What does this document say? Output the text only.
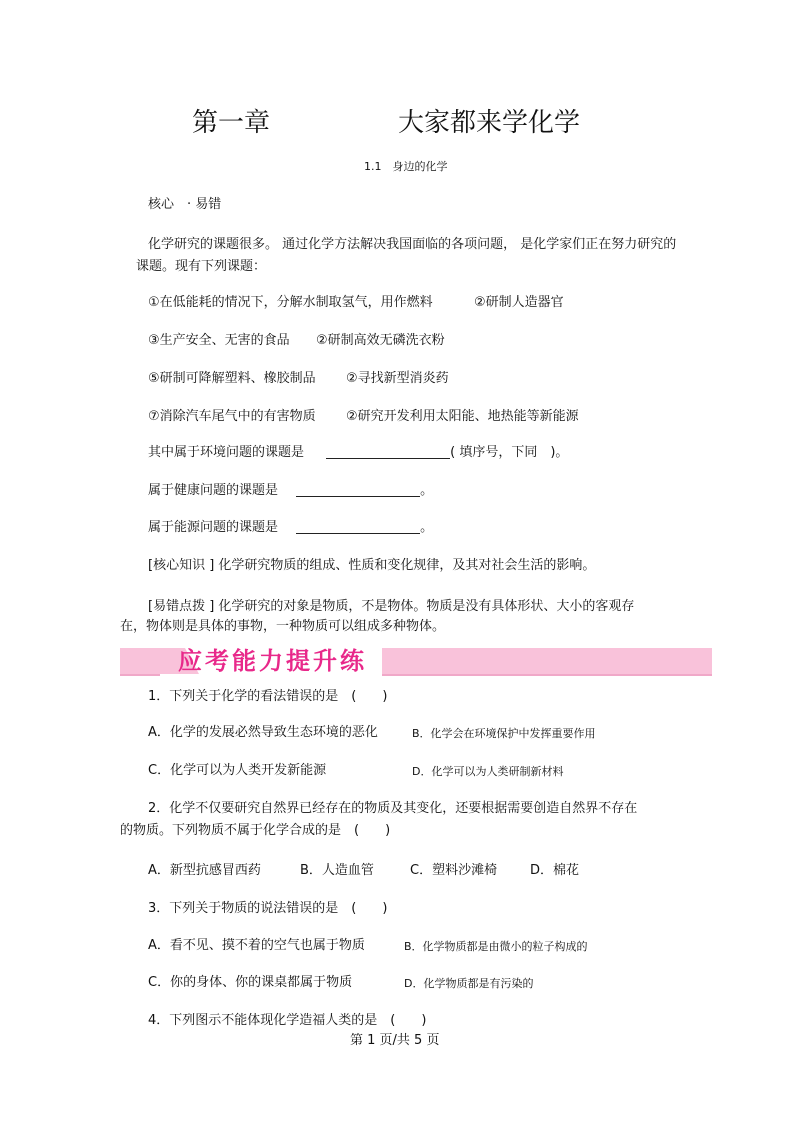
第一章	大家都来学化学
1.1　身边的化学
核心　· 易错
化学研究的课题很多。 通过化学方法解决我国面临的各项问题， 是化学家们正在努力研究的
课题。现有下列课题：
①在低能耗的情况下，分解水制取氢气，用作燃料	②研制人造器官
③生产安全、无害的食品 ②研制高效无磷洗衣粉
⑤研制可降解塑料、橡胶制品 ②寻找新型消炎药
⑦消除汽车尾气中的有害物质 ②研究开发利用太阳能、地热能等新能源
其中属于环境问题的课题是	( 填序号，下同　)。
属于健康问题的课题是	。
属于能源问题的课题是	。
[核心知识 ] 化学研究物质的组成、性质和变化规律，及其对社会生活的影响。
[易错点拨 ] 化学研究的对象是物质，不是物体。物质是没有具体形状、大小的客观存
在，物体则是具体的事物，一种物质可以组成多种物体。
应考能力提升练
1．下列关于化学的看法错误的是　(　　)
A．化学的发展必然导致生态环境的恶化	B．化学会在环境保护中发挥重要作用
C．化学可以为人类开发新能源	D．化学可以为人类研制新材料
2．化学不仅要研究自然界已经存在的物质及其变化，还要根据需要创造自然界不存在
的物质。下列物质不属于化学合成的是　(　　)
A．新型抗感冒西药	B．人造血管	C．塑料沙滩椅	D．棉花
3．下列关于物质的说法错误的是　(　　)
A．看不见、摸不着的空气也属于物质	B．化学物质都是由微小的粒子构成的
C．你的身体、你的课桌都属于物质	D．化学物质都是有污染的
4．下列图示不能体现化学造福人类的是　(　　)
第 1 页/共 5 页
